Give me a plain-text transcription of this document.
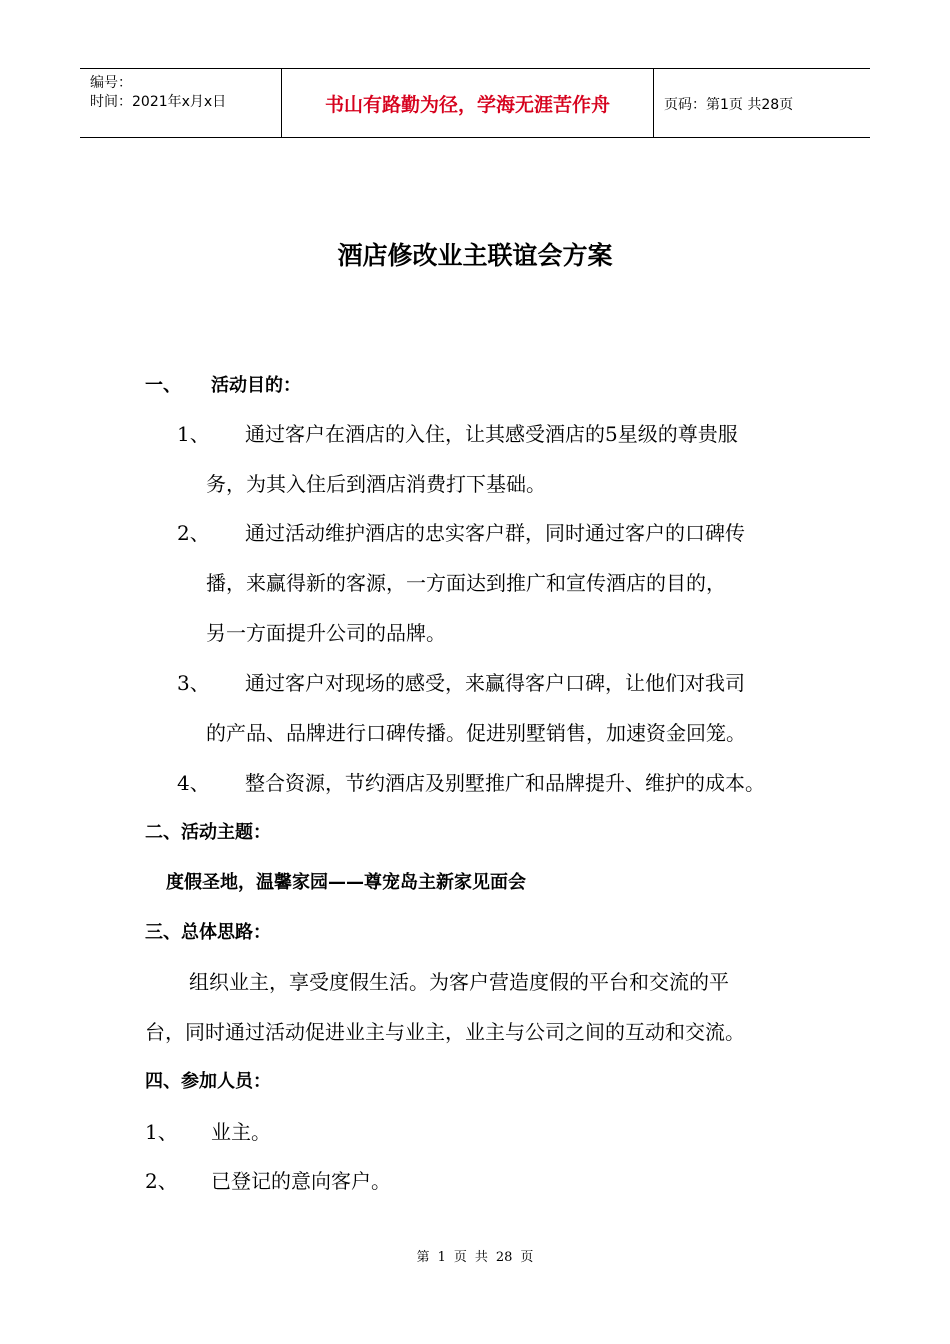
编号：
时间：2021年x月x日	书山有路勤为径，学海无涯苦作舟	页码：第1页 共28页
酒店修改业主联谊会方案
一、 活动目的：
1、 通过客户在酒店的入住，让其感受酒店的5星级的尊贵服
务，为其入住后到酒店消费打下基础。
2、 通过活动维护酒店的忠实客户群，同时通过客户的口碑传
播，来赢得新的客源，一方面达到推广和宣传酒店的目的，
另一方面提升公司的品牌。
3、 通过客户对现场的感受，来赢得客户口碑，让他们对我司
的产品、品牌进行口碑传播。促进别墅销售，加速资金回笼。
4、 整合资源，节约酒店及别墅推广和品牌提升、维护的成本。
二、活动主题：
度假圣地，温馨家园——尊宠岛主新家见面会
三、总体思路：
组织业主，享受度假生活。为客户营造度假的平台和交流的平
台，同时通过活动促进业主与业主，业主与公司之间的互动和交流。
四、参加人员：
1、 业主。
2、 已登记的意向客户。
第 1 页 共 28 页
